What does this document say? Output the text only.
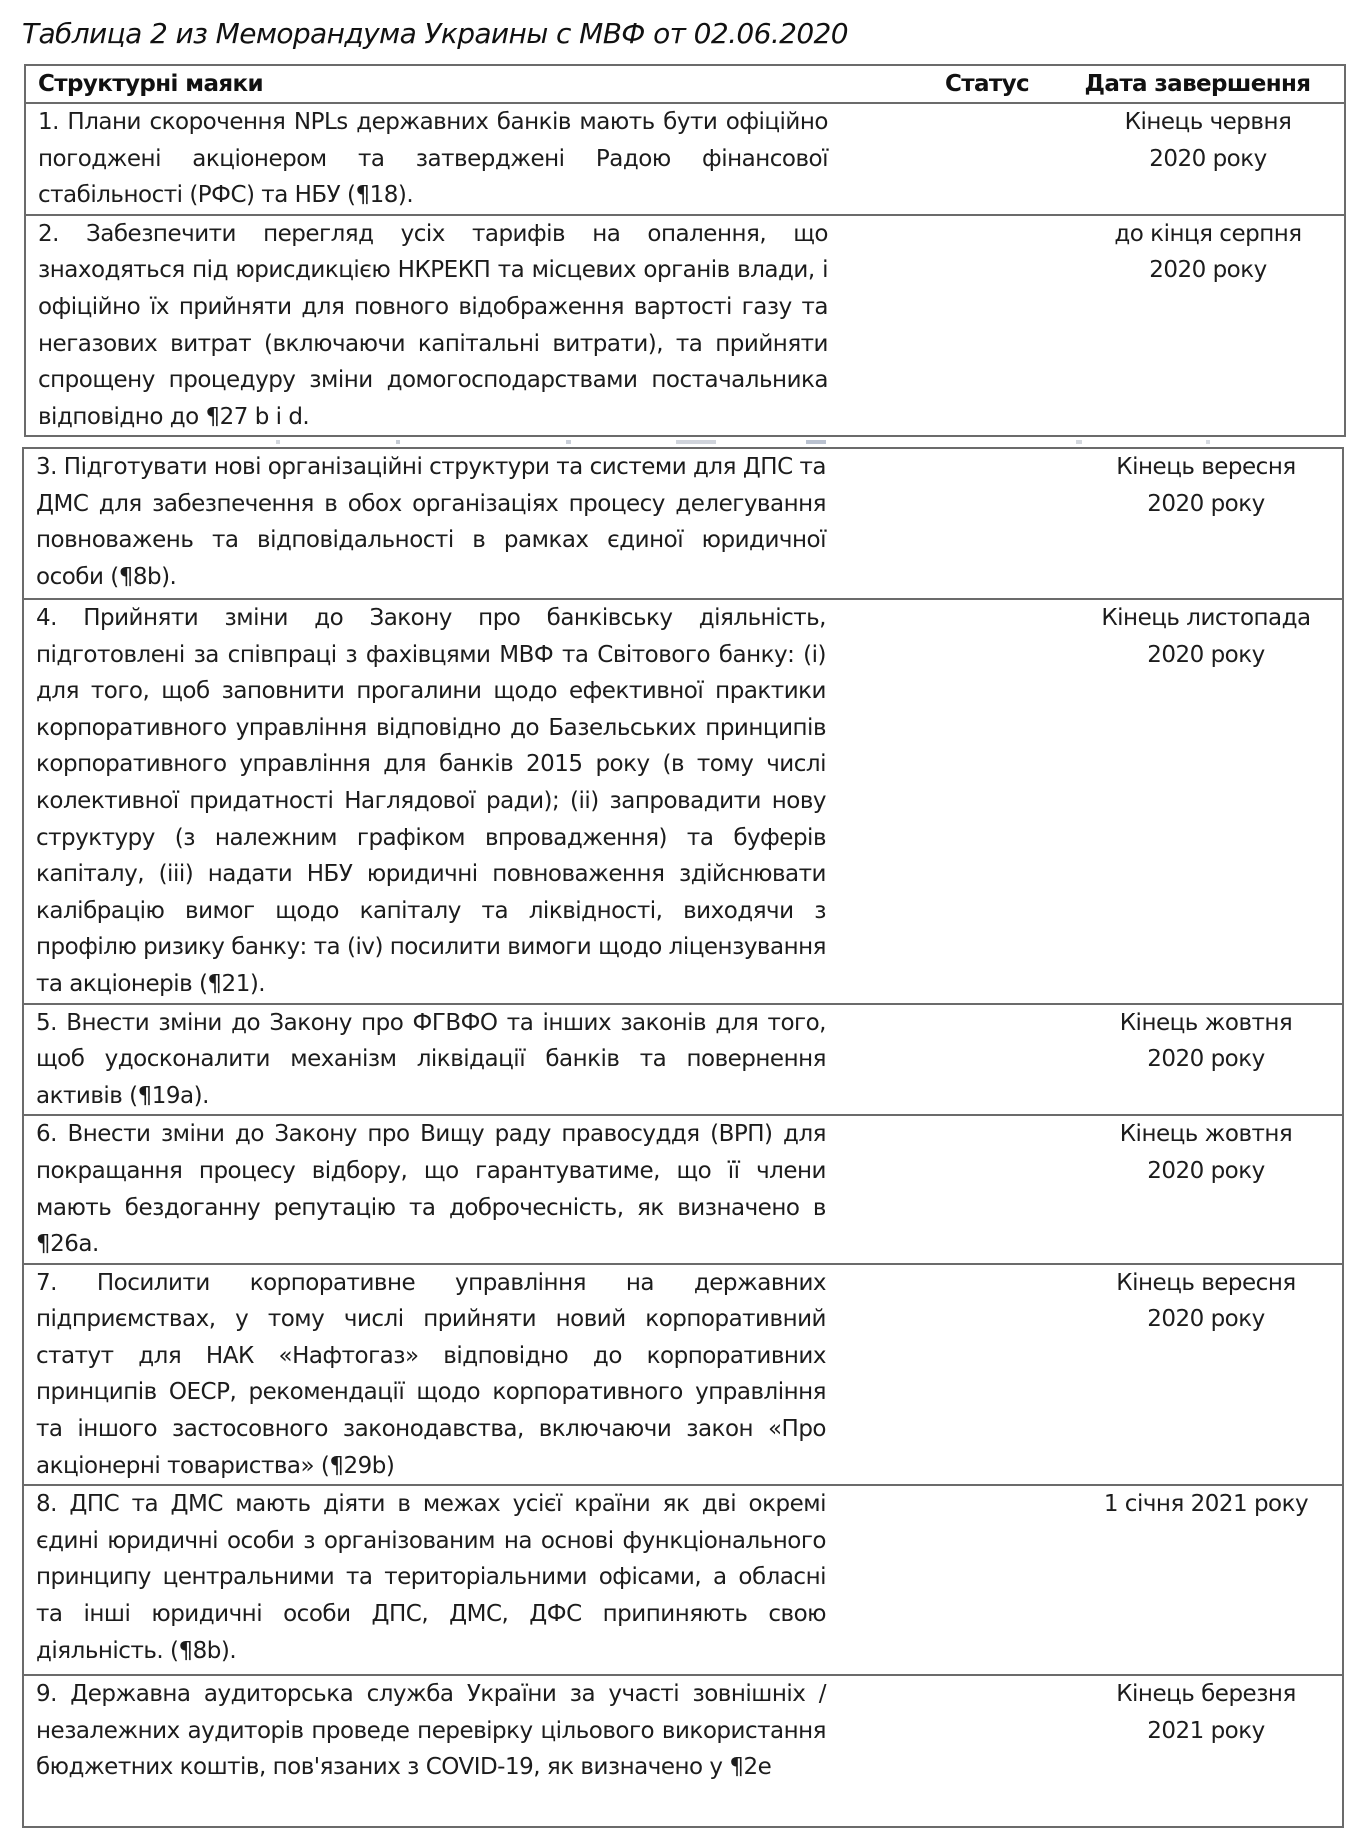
Таблица 2 из Меморандума Украины с МВФ от 02.06.2020
Структурні маяки	Статус	Дата завершення

1. Плани скорочення NPLs державних банків мають бути офіційно погоджені акціонером та затверджені Радою фінансової стабільності (РФС) та НБУ (¶18).		Кінець червня 2020 року

2. Забезпечити перегляд усіх тарифів на опалення, що знаходяться під юрисдикцією НКРЕКП та місцевих органів влади, і офіційно їх прийняти для повного відображення вартості газу та негазових витрат (включаючи капітальні витрати), та прийняти спрощену процедуру зміни домогосподарствами постачальника відповідно до ¶27 b і d.		до кінця серпня 2020 року
3. Підготувати нові організаційні структури та системи для ДПС та ДМС для забезпечення в обох організаціях процесу делегування повноважень та відповідальності в рамках єдиної юридичної особи (¶8b).		Кінець вересня 2020 року

4. Прийняти зміни до Закону про банківську діяльність, підготовлені за співпраці з фахівцями МВФ та Світового банку: (i) для того, щоб заповнити прогалини щодо ефективної практики корпоративного управління відповідно до Базельських принципів корпоративного управління для банків 2015 року (в тому числі колективної придатності Наглядової ради); (ii) запровадити нову структуру (з належним графіком впровадження) та буферів капіталу, (iii) надати НБУ юридичні повноваження здійснювати калібрацію вимог щодо капіталу та ліквідності, виходячи з профілю ризику банку: та (iv) посилити вимоги щодо ліцензування та акціонерів (¶21).		Кінець листопада 2020 року

5. Внести зміни до Закону про ФГВФО та інших законів для того, щоб удосконалити механізм ліквідації банків та повернення активів (¶19a).		Кінець жовтня 2020 року

6. Внести зміни до Закону про Вищу раду правосуддя (ВРП) для покращання процесу відбору, що гарантуватиме, що її члени мають бездоганну репутацію та доброчесність, як визначено в ¶26a.		Кінець жовтня 2020 року

7. Посилити корпоративне управління на державних підприємствах, у тому числі прийняти новий корпоративний статут для НАК «Нафтогаз» відповідно до корпоративних принципів ОЕСР, рекомендації щодо корпоративного управління та іншого застосовного законодавства, включаючи закон «Про акціонерні товариства» (¶29b)		Кінець вересня 2020 року

8. ДПС та ДМС мають діяти в межах усієї країни як дві окремі єдині юридичні особи з організованим на основі функціонального принципу центральними та територіальними офісами, а обласні та інші юридичні особи ДПС, ДМС, ДФС припиняють свою діяльність. (¶8b).		1 січня 2021 року

9. Державна аудиторська служба України за участі зовнішніх / незалежних аудиторів проведе перевірку цільового використання бюджетних коштів, пов'язаних з COVID-19, як визначено у ¶2e		Кінець березня 2021 року
